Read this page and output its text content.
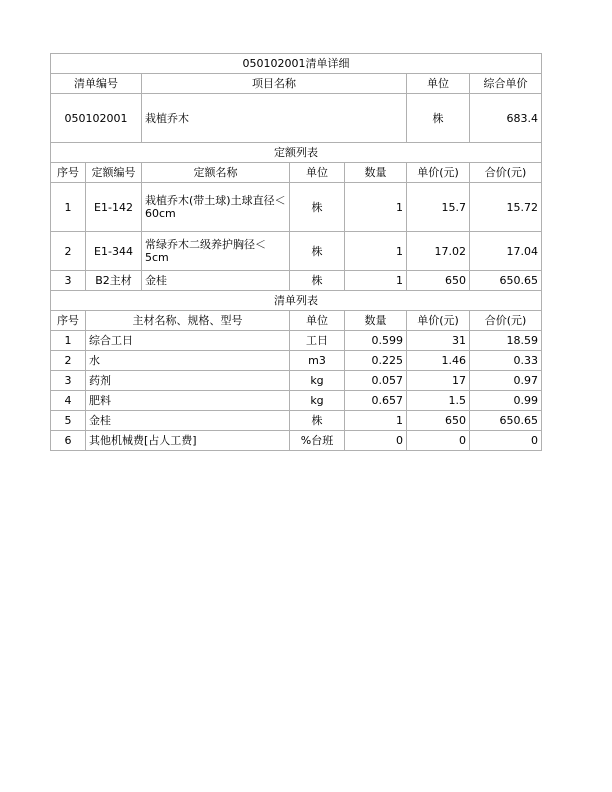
050102001清单详细						
清单编号		项目名称			单位	综合单价
050102001		栽植乔木			株	683.4
定额列表						
序号	定额编号	定额名称	单位	数量	单价(元)	合价(元)
1	E1-142	栽植乔木(带土球)土球直径＜60cm	株	1	15.7	15.72
2	E1-344	常绿乔木二级养护胸径＜5cm	株	1	17.02	17.04
3	B2主材	金桂	株	1	650	650.65
清单列表						
序号	主材名称、规格、型号		单位	数量	单价(元)	合价(元)
1	综合工日		工日	0.599	31	18.59
2	水		m3	0.225	1.46	0.33
3	药剂		kg	0.057	17	0.97
4	肥料		kg	0.657	1.5	0.99
5	金桂		株	1	650	650.65
6	其他机械费[占人工费]		%台班	0	0	0
